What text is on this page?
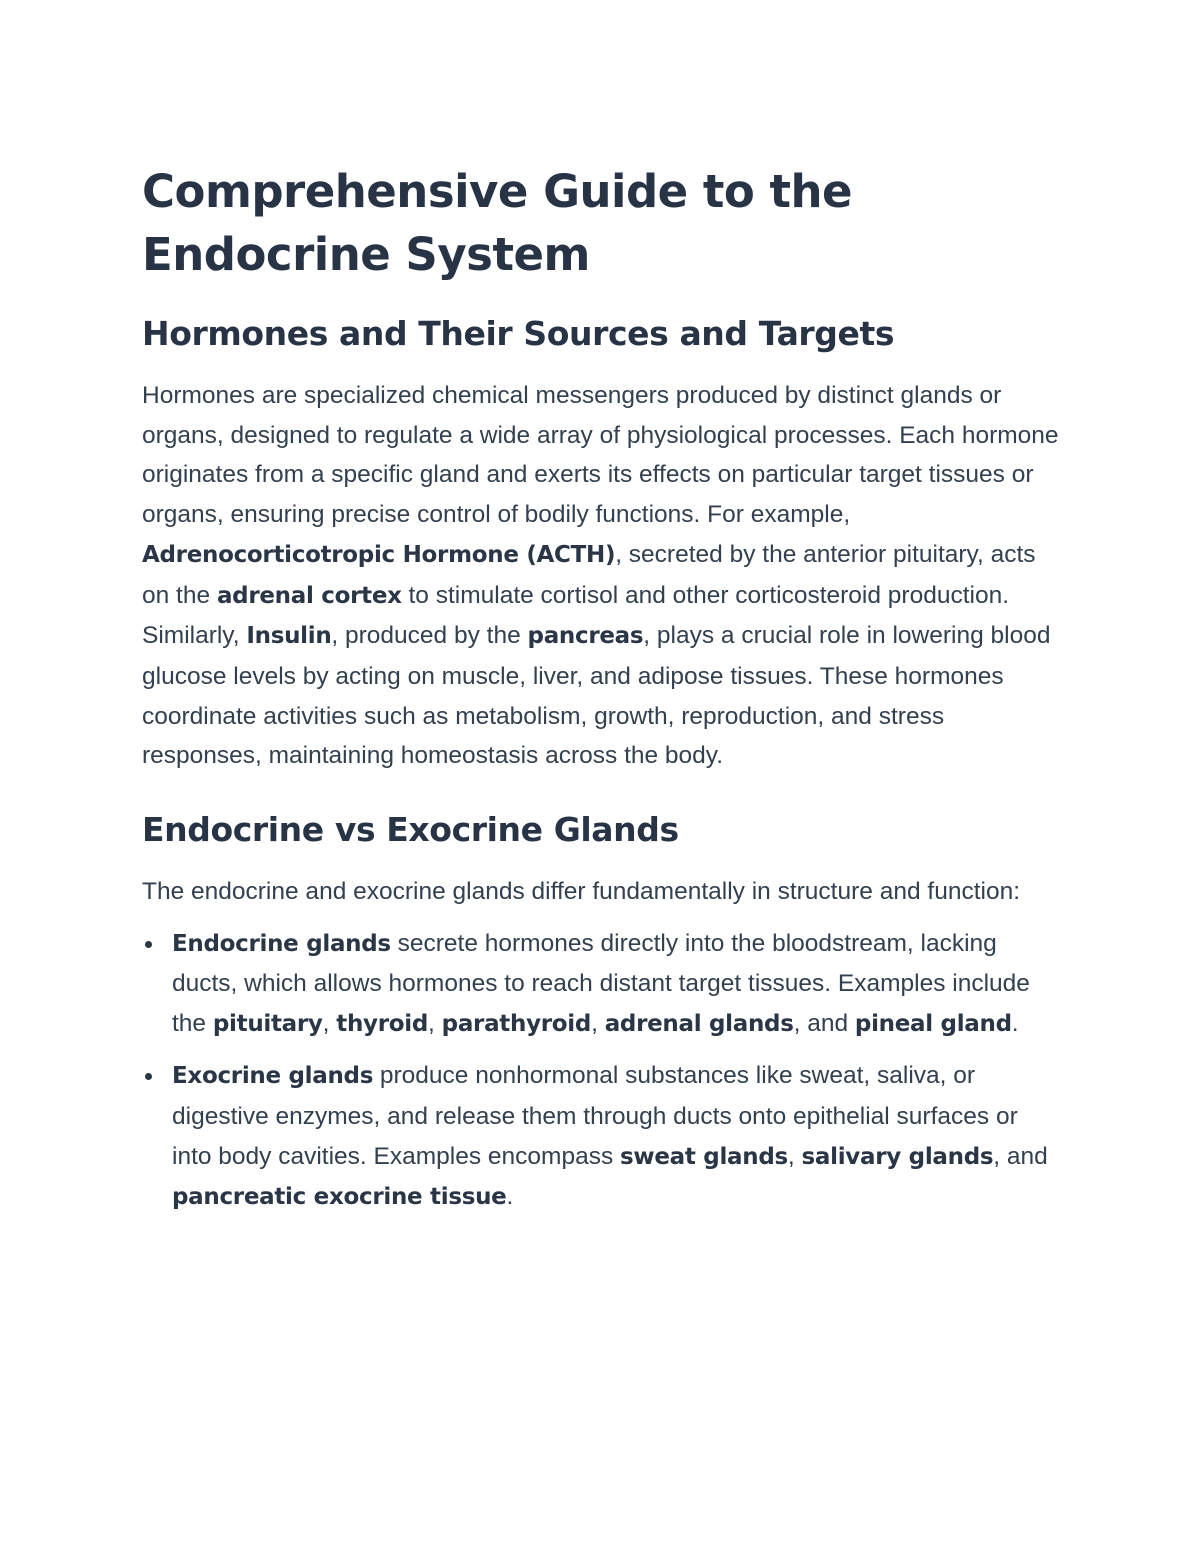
Comprehensive Guide to the Endocrine System
Hormones and Their Sources and Targets

Hormones are specialized chemical messengers produced by distinct glands or organs, designed to regulate a wide array of physiological processes. Each hormone originates from a specific gland and exerts its effects on particular target tissues or organs, ensuring precise control of bodily functions. For example, Adrenocorticotropic Hormone (ACTH), secreted by the anterior pituitary, acts on the adrenal cortex to stimulate cortisol and other corticosteroid production. Similarly, Insulin, produced by the pancreas, plays a crucial role in lowering blood glucose levels by acting on muscle, liver, and adipose tissues. These hormones coordinate activities such as metabolism, growth, reproduction, and stress responses, maintaining homeostasis across the body.

Endocrine vs Exocrine Glands

The endocrine and exocrine glands differ fundamentally in structure and function:

Endocrine glands secrete hormones directly into the bloodstream, lacking ducts, which allows hormones to reach distant target tissues. Examples include the pituitary, thyroid, parathyroid, adrenal glands, and pineal gland.
Exocrine glands produce nonhormonal substances like sweat, saliva, or digestive enzymes, and release them through ducts onto epithelial surfaces or into body cavities. Examples encompass sweat glands, salivary glands, and pancreatic exocrine tissue.
